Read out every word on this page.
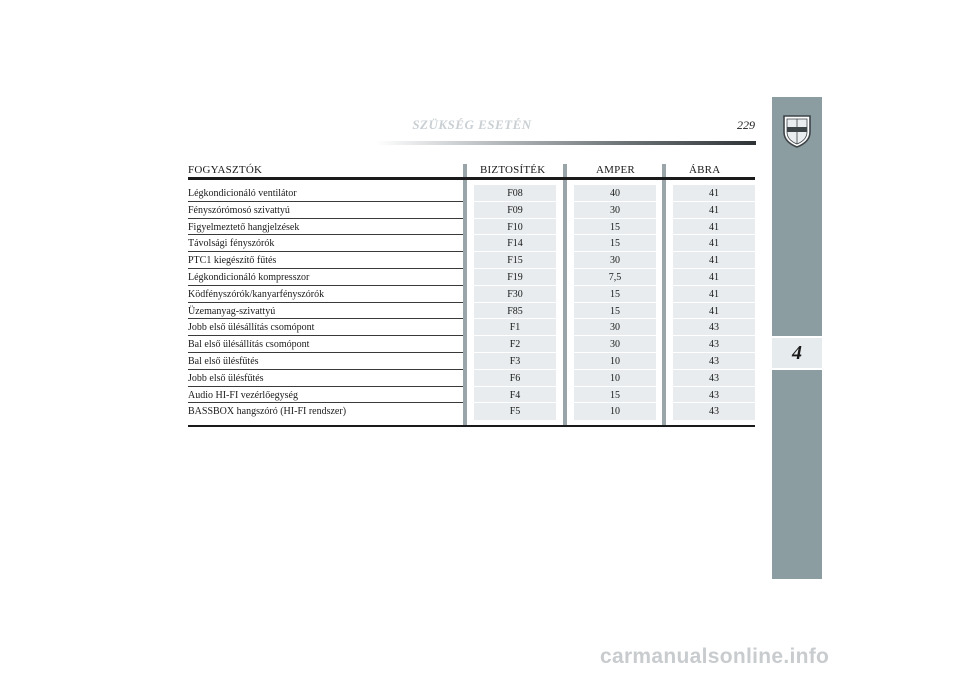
SZÜKSÉG ESETÉN	229
4
FOGYASZTÓK	BIZTOSÍTÉK	AMPER	ÁBRA
Légkondicionáló ventilátor	F08	40	41
Fényszórómosó szivattyú	F09	30	41
Figyelmeztető hangjelzések	F10	15	41
Távolsági fényszórók	F14	15	41
PTC1 kiegészítő fűtés	F15	30	41
Légkondicionáló kompresszor	F19	7,5	41
Ködfényszórók/kanyarfényszórók	F30	15	41
Üzemanyag-szivattyú	F85	15	41
Jobb első ülésállítás csomópont	F1	30	43
Bal első ülésállítás csomópont	F2	30	43
Bal első ülésfűtés	F3	10	43
Jobb első ülésfűtés	F6	10	43
Audio HI-FI vezérlőegység	F4	15	43
BASSBOX hangszóró (HI-FI rendszer)	F5	10	43
carmanualsonline.info
